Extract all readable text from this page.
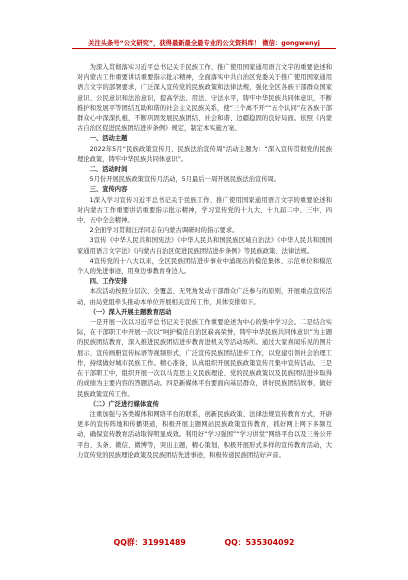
关注头条号“公文研究”，获得最新最全最专业的公文资料库！ 微信：gongwenyj

为深入贯彻落实习近平总书记关于民族工作、推广使用国家通用语言文字的重要论述和对内蒙古工作重要讲话重要指示批示精神，全面落实中共自治区党委关于推广使用国家通用语言文字的部署要求，广泛深入宣传党的民族政策和法律法规，强化全区各族干部群众国家意识、公民意识和法治意识，提高学法、用法、守法水平，铸牢中华民族共同体意识，不断推护和发展平等团结互助和谐的社会主义民族关系，使“三个离不开”“五个认同”在各族干部群众心中深深扎根，不断巩固发展民族团结、社会和谐、边疆稳固的良好局面。依照《内蒙古自治区促进民族团结进步条例》规定，制定本实施方案。

一、活动主题

2022年5月“民族政策宣传月、民族法治宣传周”活动主题为：“深入宣传贯彻党的民族理论政策，铸牢中华民族共同体意识”。

二、活动时间

5月份开展民族政策宣传月活动，5月最后一周开展民族法治宣传周。

三、宣传内容

1深入学习宣传习近平总书记关于民族工作、推广使用国家通用语言文字的重要论述和对内蒙古工作重要讲话重要指示批示精神，学习宣传党的十九大、十九届二中、三中、四中、五中全会精神。

2全面学习贯彻汪洋同志在内蒙古调研时的指示要求。

3宣传《中华人民共和国宪法》《中华人民共和国民族区域自治法》《中华人民共和国国家通用语言文字法》《内蒙古自治区促进民族团结进步条例》等民族政策、法律法规。

4宣传党的十八大以来，全区民族团结进步事业中涌现出的模范集体、示范单位和模范个人的先进事迹，用身边事教育身边人。

四、工作安排

本次活动按照分层次、全覆盖、无死角发动干部群众广泛参与的原则，开展重点宣传活动，由局党组牵头推动本单位开展相关宣传工作，具体安排如下。

（一）深入开展主题教育活动

一是开展一次以习近平总书记关于民族工作重要论述为中心的集中学习会。二是结合实际，在干部职工中开展一次以“呵护模范自治区崭高荣誉，铸牢中华民族共同体意识”为主题的民族团结教育，深入推进民族团结进步教育进机关等活动场所。通过大家喜闻乐见的图片展示、宣传画册宣传标语等视频形式，广泛宣传民族团结进步工作，以党建引领社会治理工作，持续做好城市民族工作。精心准备，认真组织开展民族政策宣传月集中宣传活动。三是在干部职工中，组织开展一次以马克思主义民族理论、党的民族政策以及民族团结进步取得的成绩为主要内容的答题活动。四是新媒体平台要面向基层群众，讲好民族团结故事，做好民族政策宣传工作。

（二）广泛进行媒体宣传

注重加强与各类媒体和网络平台的联系，创新民族政策、法律法规宣传教育方式，开辟更多的宣传阵地和传播渠道，积极开展主题网站民族政策宣传教育，抓好网上网下多频互动，确保宣传教育活动取得明显成效。利用好“学习强国”“学习讲堂”网络平台以及三务公开平台、头条、微信、微博等，突出主题，精心策划，积极开展形式多样的宣传教育活动，大力宣传党的民族理论政策及民族团结先进事迹，积极传递民族团结好声音。

QQ群：31991489	QQ：535304092
